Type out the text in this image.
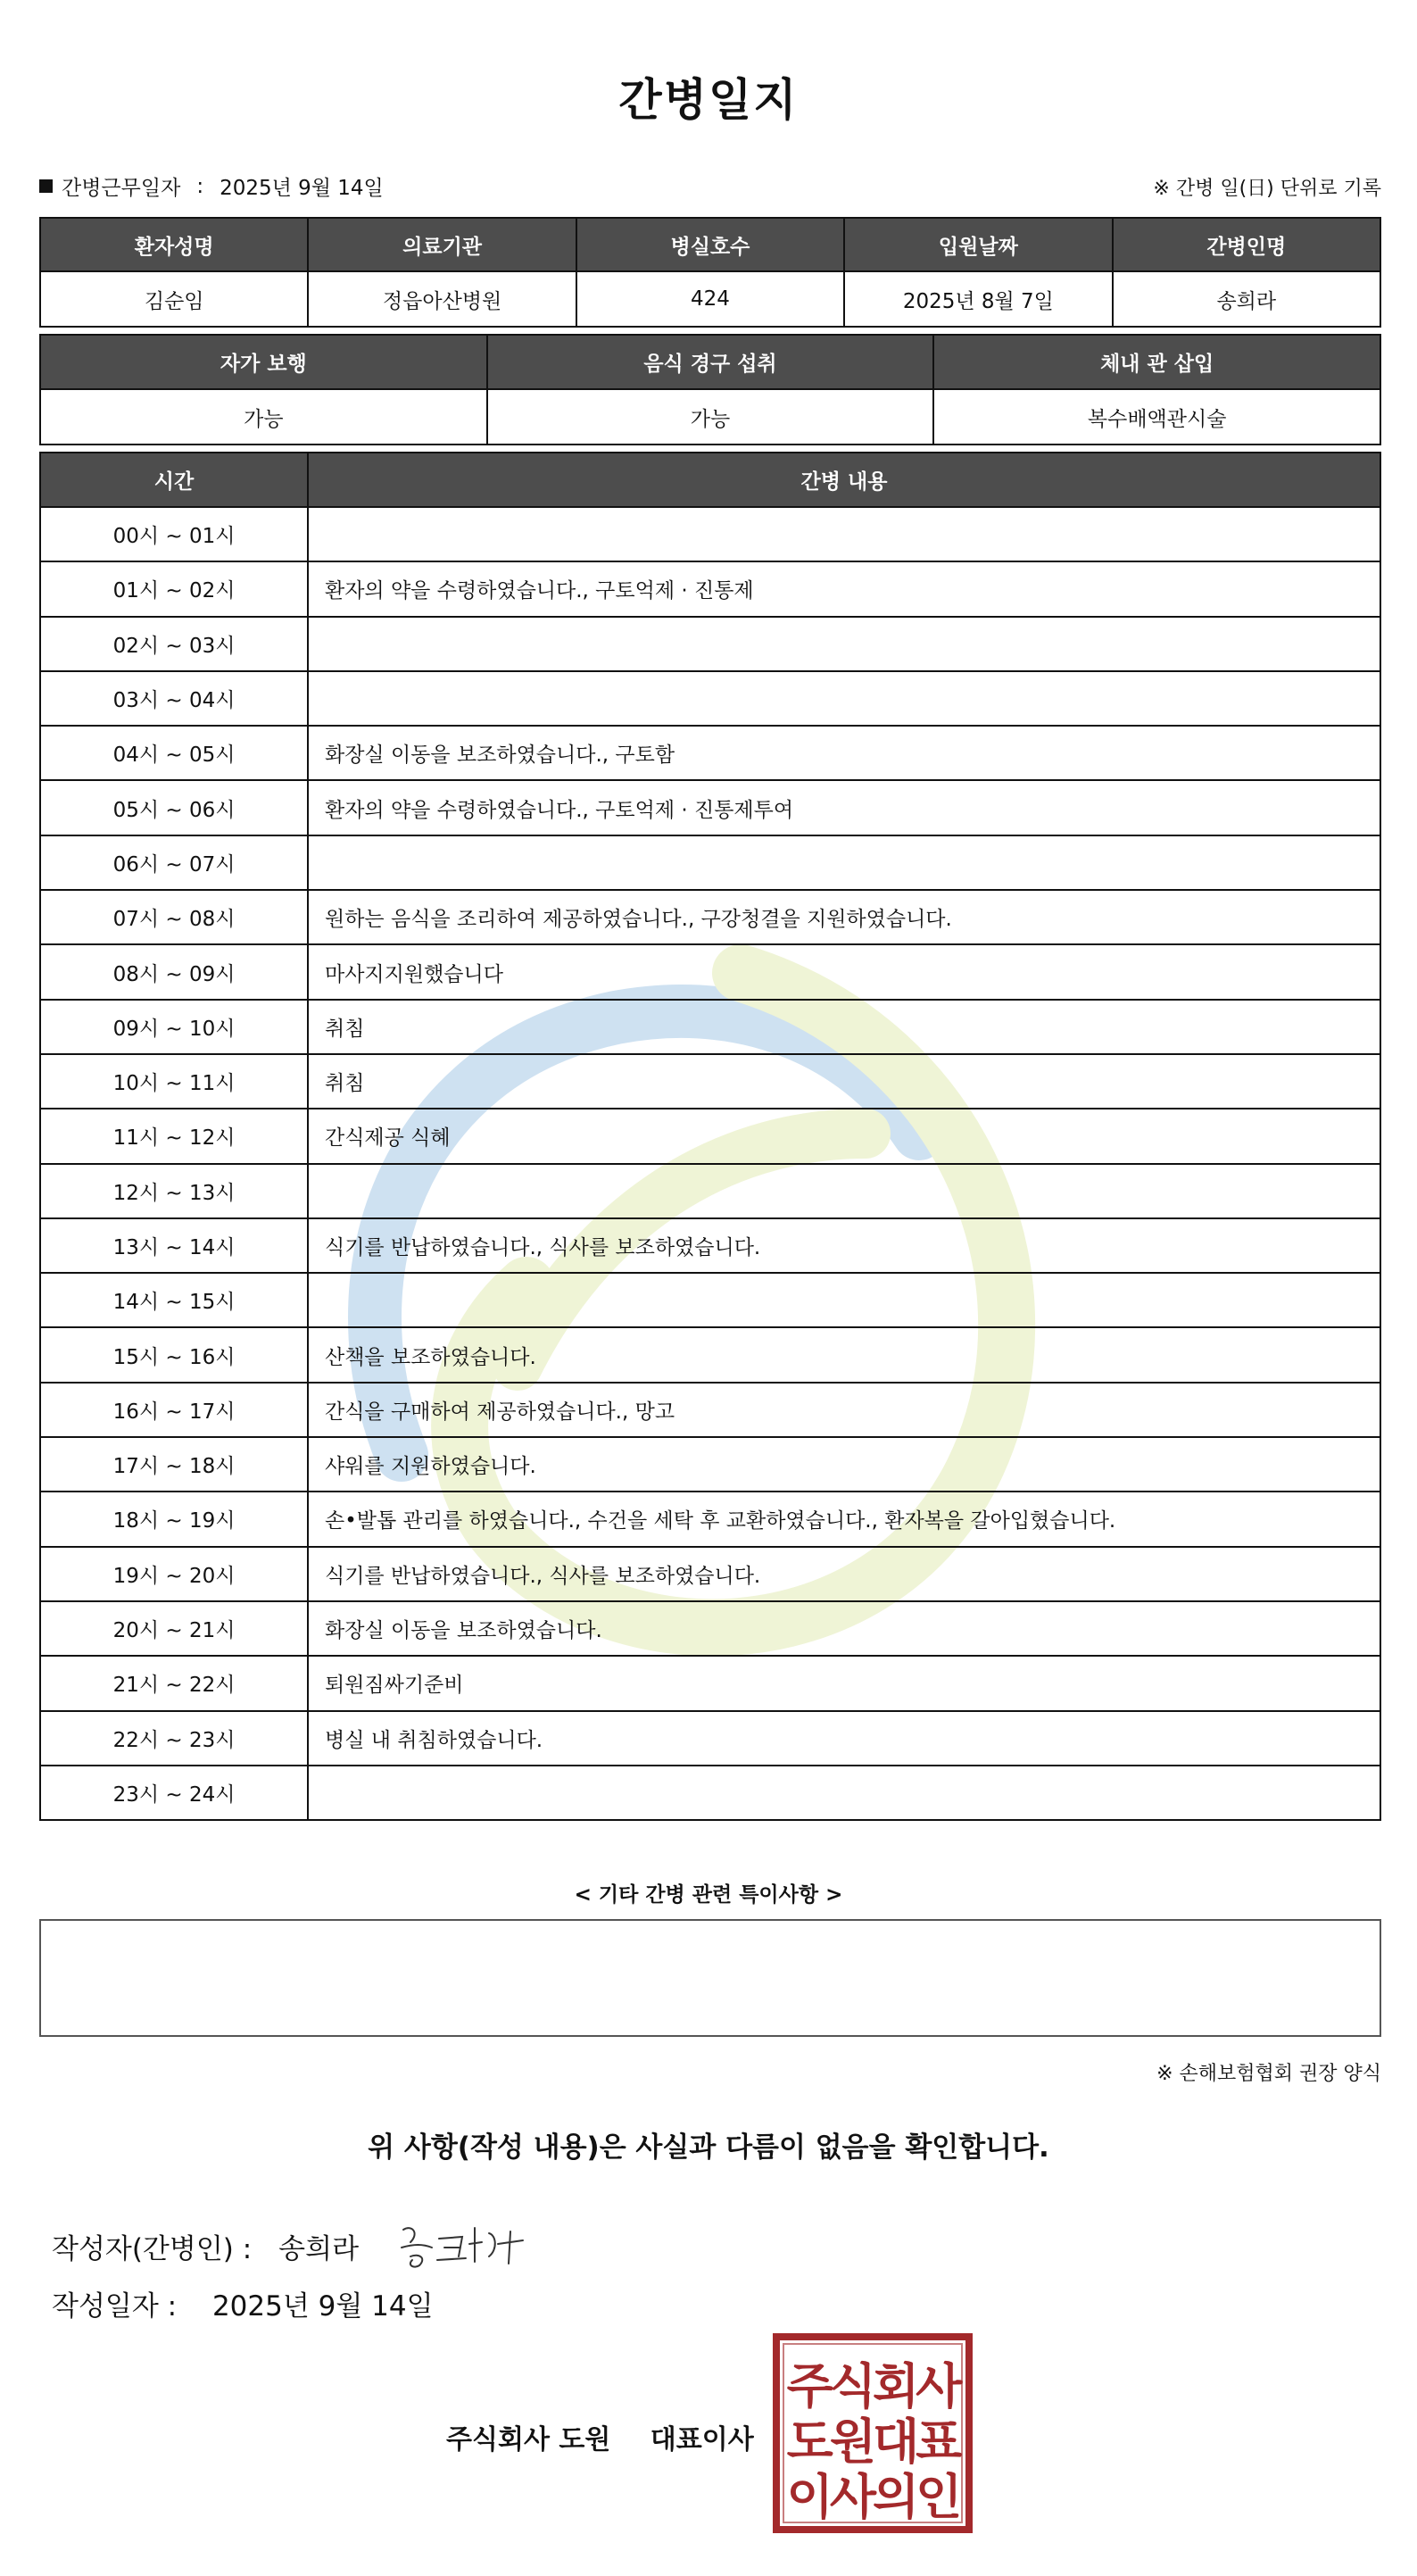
간병일지
간병근무일자 : 2025년 9월 14일	※ 간병 일(日) 단위로 기록
환자성명	의료기관	병실호수	입원날짜	간병인명
김순임	정읍아산병원	424	2025년 8월 7일	송희라
자가 보행	음식 경구 섭취	체내 관 삽입
가능	가능	복수배액관시술
시간	간병 내용
00시 ~ 01시	
01시 ~ 02시	환자의 약을 수령하였습니다., 구토억제 · 진통제
02시 ~ 03시	
03시 ~ 04시	
04시 ~ 05시	화장실 이동을 보조하였습니다., 구토함
05시 ~ 06시	환자의 약을 수령하였습니다., 구토억제 · 진통제투여
06시 ~ 07시	
07시 ~ 08시	원하는 음식을 조리하여 제공하였습니다., 구강청결을 지원하였습니다.
08시 ~ 09시	마사지지원했습니다
09시 ~ 10시	취침
10시 ~ 11시	취침
11시 ~ 12시	간식제공 식혜
12시 ~ 13시	
13시 ~ 14시	식기를 반납하였습니다., 식사를 보조하였습니다.
14시 ~ 15시	
15시 ~ 16시	산책을 보조하였습니다.
16시 ~ 17시	간식을 구매하여 제공하였습니다., 망고
17시 ~ 18시	샤워를 지원하였습니다.
18시 ~ 19시	손•발톱 관리를 하였습니다., 수건을 세탁 후 교환하였습니다., 환자복을 갈아입혔습니다.
19시 ~ 20시	식기를 반납하였습니다., 식사를 보조하였습니다.
20시 ~ 21시	화장실 이동을 보조하였습니다.
21시 ~ 22시	퇴원짐싸기준비
22시 ~ 23시	병실 내 취침하였습니다.
23시 ~ 24시	
< 기타 간병 관련 특이사항 >
※ 손해보험협회 권장 양식
위 사항(작성 내용)은 사실과 다름이 없음을 확인합니다.
작성자(간병인) : 송희라
작성일자 : 2025년 9월 14일
주식회사 도원 대표이사
주식회사
도원대표
이사의인
